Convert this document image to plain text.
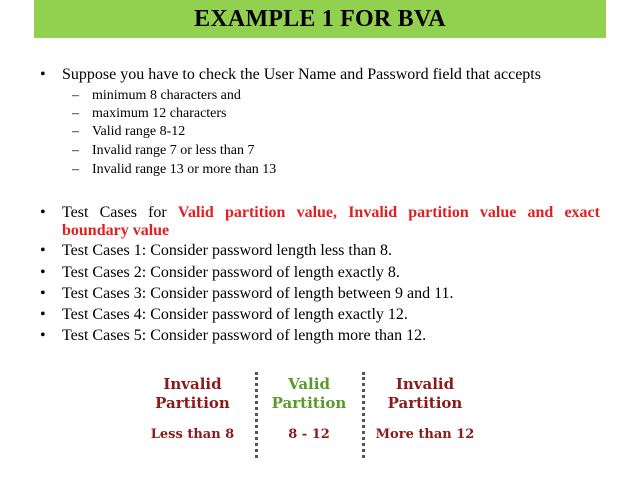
EXAMPLE 1 FOR BVA
• Suppose you have to check the User Name and Password field that accepts
– minimum 8 characters and
– maximum 12 characters
– Valid range 8-12
– Invalid range 7 or less than 7
– Invalid range 13 or more than 13
• Test Cases for Valid partition value, Invalid partition value and exact
boundary value
• Test Cases 1: Consider password length less than 8.
• Test Cases 2: Consider password of length exactly 8.
• Test Cases 3: Consider password of length between 9 and 11.
• Test Cases 4: Consider password of length exactly 12.
• Test Cases 5: Consider password of length more than 12.
Invalid
Partition
Less than 8
Valid
Partition
8 - 12
Invalid
Partition
More than 12
